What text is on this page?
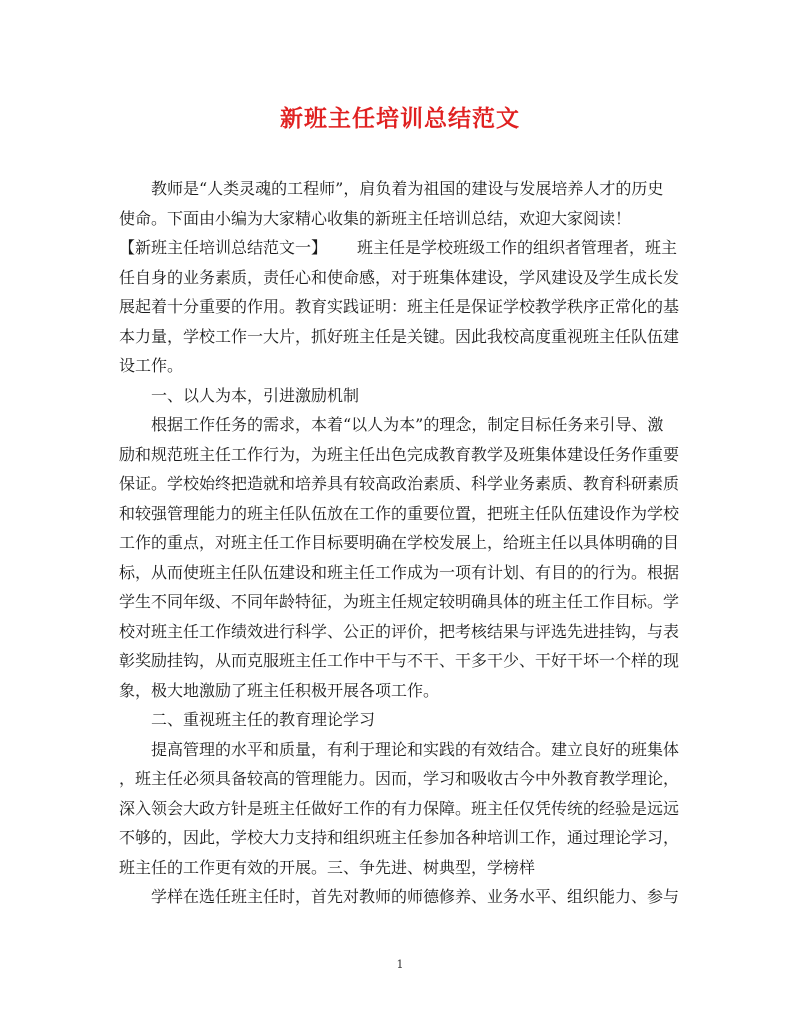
新班主任培训总结范文
教师是“人类灵魂的工程师”，肩负着为祖国的建设与发展培养人才的历史
使命。下面由小编为大家精心收集的新班主任培训总结，欢迎大家阅读！
【新班主任培训总结范文一】 班主任是学校班级工作的组织者管理者，班主
任自身的业务素质，责任心和使命感，对于班集体建设，学风建设及学生成长发
展起着十分重要的作用。教育实践证明：班主任是保证学校教学秩序正常化的基
本力量，学校工作一大片，抓好班主任是关键。因此我校高度重视班主任队伍建
设工作。
一、以人为本，引进激励机制
根据工作任务的需求，本着“以人为本”的理念，制定目标任务来引导、激
励和规范班主任工作行为，为班主任出色完成教育教学及班集体建设任务作重要
保证。学校始终把造就和培养具有较高政治素质、科学业务素质、教育科研素质
和较强管理能力的班主任队伍放在工作的重要位置，把班主任队伍建设作为学校
工作的重点，对班主任工作目标要明确在学校发展上，给班主任以具体明确的目
标，从而使班主任队伍建设和班主任工作成为一项有计划、有目的的行为。根据
学生不同年级、不同年龄特征，为班主任规定较明确具体的班主任工作目标。学
校对班主任工作绩效进行科学、公正的评价，把考核结果与评选先进挂钩，与表
彰奖励挂钩，从而克服班主任工作中干与不干、干多干少、干好干坏一个样的现
象，极大地激励了班主任积极开展各项工作。
二、重视班主任的教育理论学习
提高管理的水平和质量，有利于理论和实践的有效结合。建立良好的班集体
，班主任必须具备较高的管理能力。因而，学习和吸收古今中外教育教学理论，
深入领会大政方针是班主任做好工作的有力保障。班主任仅凭传统的经验是远远
不够的，因此，学校大力支持和组织班主任参加各种培训工作，通过理论学习，
班主任的工作更有效的开展。三、争先进、树典型，学榜样
学样在选任班主任时，首先对教师的师德修养、业务水平、组织能力、参与
1
